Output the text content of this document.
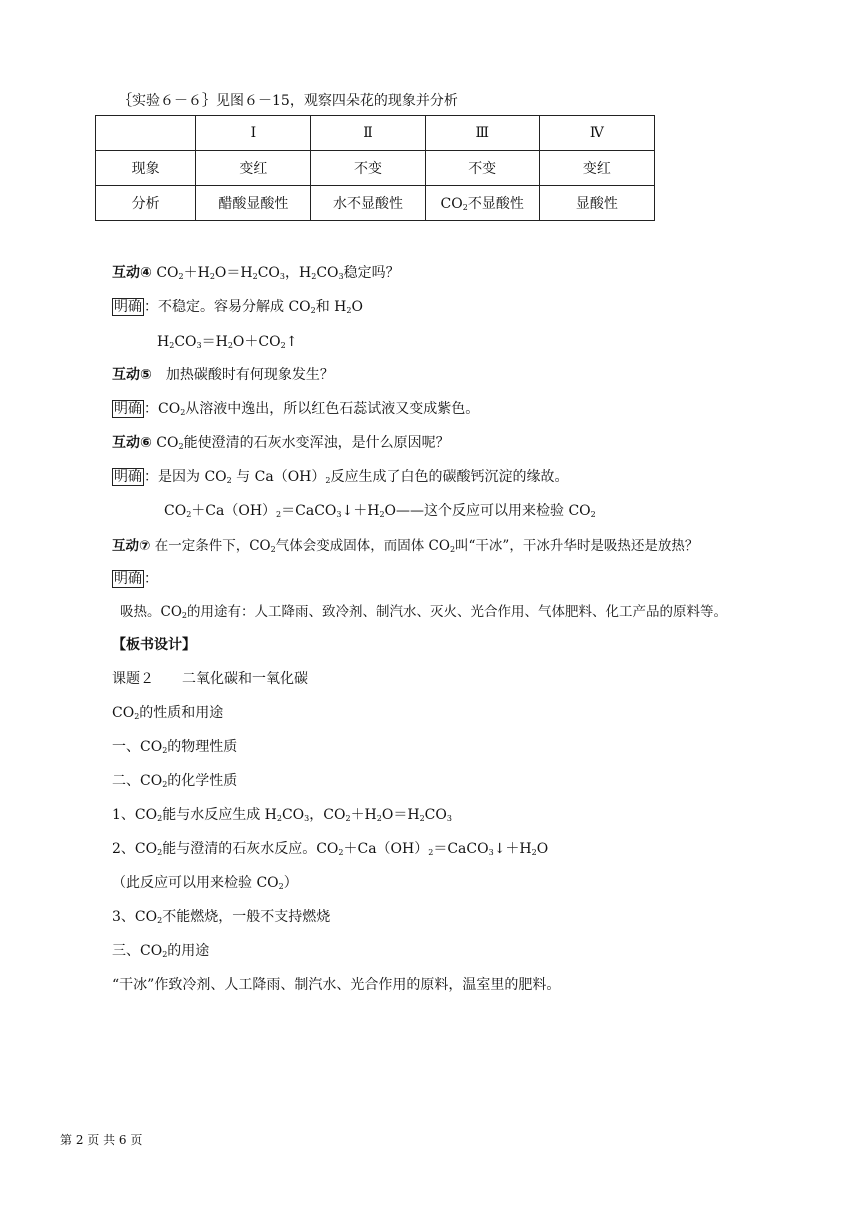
｛实验６－６｝见图６－15，观察四朵花的现象并分析
	Ⅰ	Ⅱ	Ⅲ	Ⅳ
现象	变红	不变	不变	变红
分析	醋酸显酸性	水不显酸性	$CO_2$不显酸性	显酸性
互动④ $CO_2+H_2O=H_2CO_3$，$H_2CO_3$稳定吗？
明确 ：不稳定。容易分解成 $CO_2$和 $H_2O$
$H_2CO_3=H_2O+CO_2↑$
互动⑤　加热碳酸时有何现象发生？
明确 ：$CO_2$从溶液中逸出，所以红色石蕊试液又变成紫色。
互动⑥ $CO_2$能使澄清的石灰水变浑浊，是什么原因呢？
明确 ：是因为 $CO_2$ 与 $Ca(OH)_2$反应生成了白色的碳酸钙沉淀的缘故。
$CO_2+Ca(OH)_2=CaCO_3↓+H_2O——$这个反应可以用来检验 $CO_2$
互动⑦ 在一定条件下，$CO_2$气体会变成固体，而固体 $CO_2$叫“干冰”，干冰升华时是吸热还是放热？
明确 ：
吸热。$CO_2$的用途有：人工降雨、致冷剂、制汽水、灭火、光合作用、气体肥料、化工产品的原料等。
【板书设计】
课题２　　二氧化碳和一氧化碳
$CO_2$的性质和用途
一、$CO_2$的物理性质
二、$CO_2$的化学性质
1、$CO_2$能与水反应生成 $H_2CO_3$，$CO_2+H_2O=H_2CO_3$
2、$CO_2$能与澄清的石灰水反应。$CO_2+Ca(OH)_2=CaCO_3↓+H_2O$
（此反应可以用来检验 $CO_2$）
3、$CO_2$不能燃烧，一般不支持燃烧
三、$CO_2$的用途
“干冰”作致冷剂、人工降雨、制汽水、光合作用的原料，温室里的肥料。
第 2 页 共 6 页
